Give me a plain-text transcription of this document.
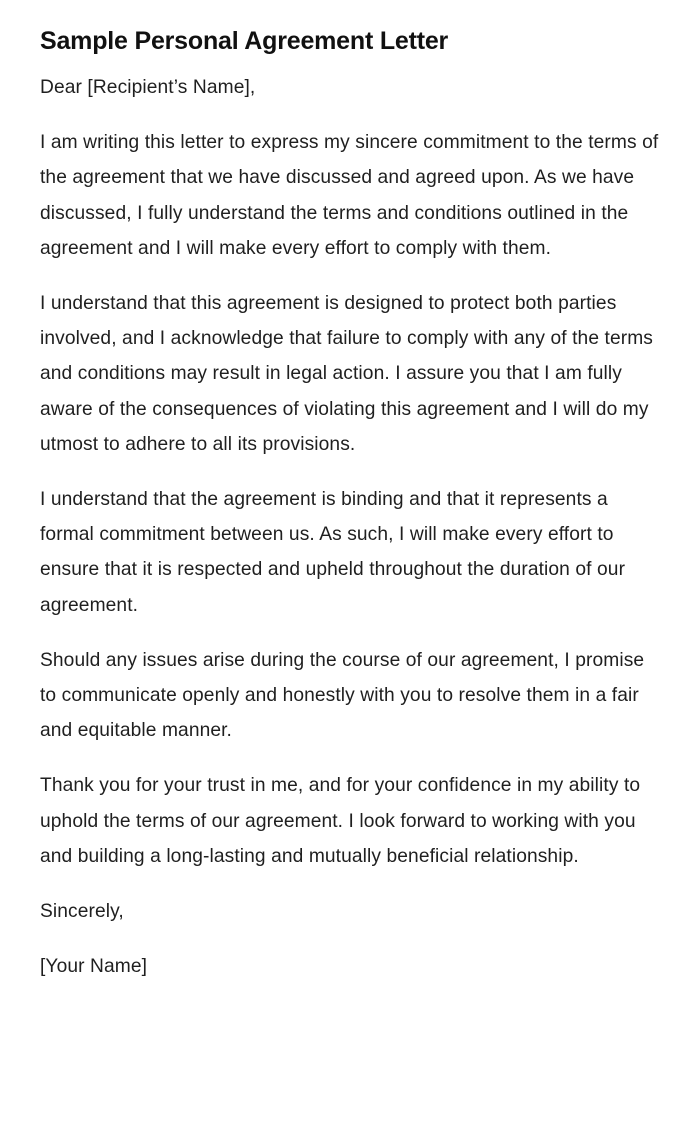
Sample Personal Agreement Letter

Dear [Recipient’s Name],

I am writing this letter to express my sincere commitment to the terms of the agreement that we have discussed and agreed upon. As we have discussed, I fully understand the terms and conditions outlined in the agreement and I will make every effort to comply with them.

I understand that this agreement is designed to protect both parties involved, and I acknowledge that failure to comply with any of the terms and conditions may result in legal action. I assure you that I am fully aware of the consequences of violating this agreement and I will do my utmost to adhere to all its provisions.

I understand that the agreement is binding and that it represents a formal commitment between us. As such, I will make every effort to ensure that it is respected and upheld throughout the duration of our agreement.

Should any issues arise during the course of our agreement, I promise to communicate openly and honestly with you to resolve them in a fair and equitable manner.

Thank you for your trust in me, and for your confidence in my ability to uphold the terms of our agreement. I look forward to working with you and building a long-lasting and mutually beneficial relationship.

Sincerely,

[Your Name]
